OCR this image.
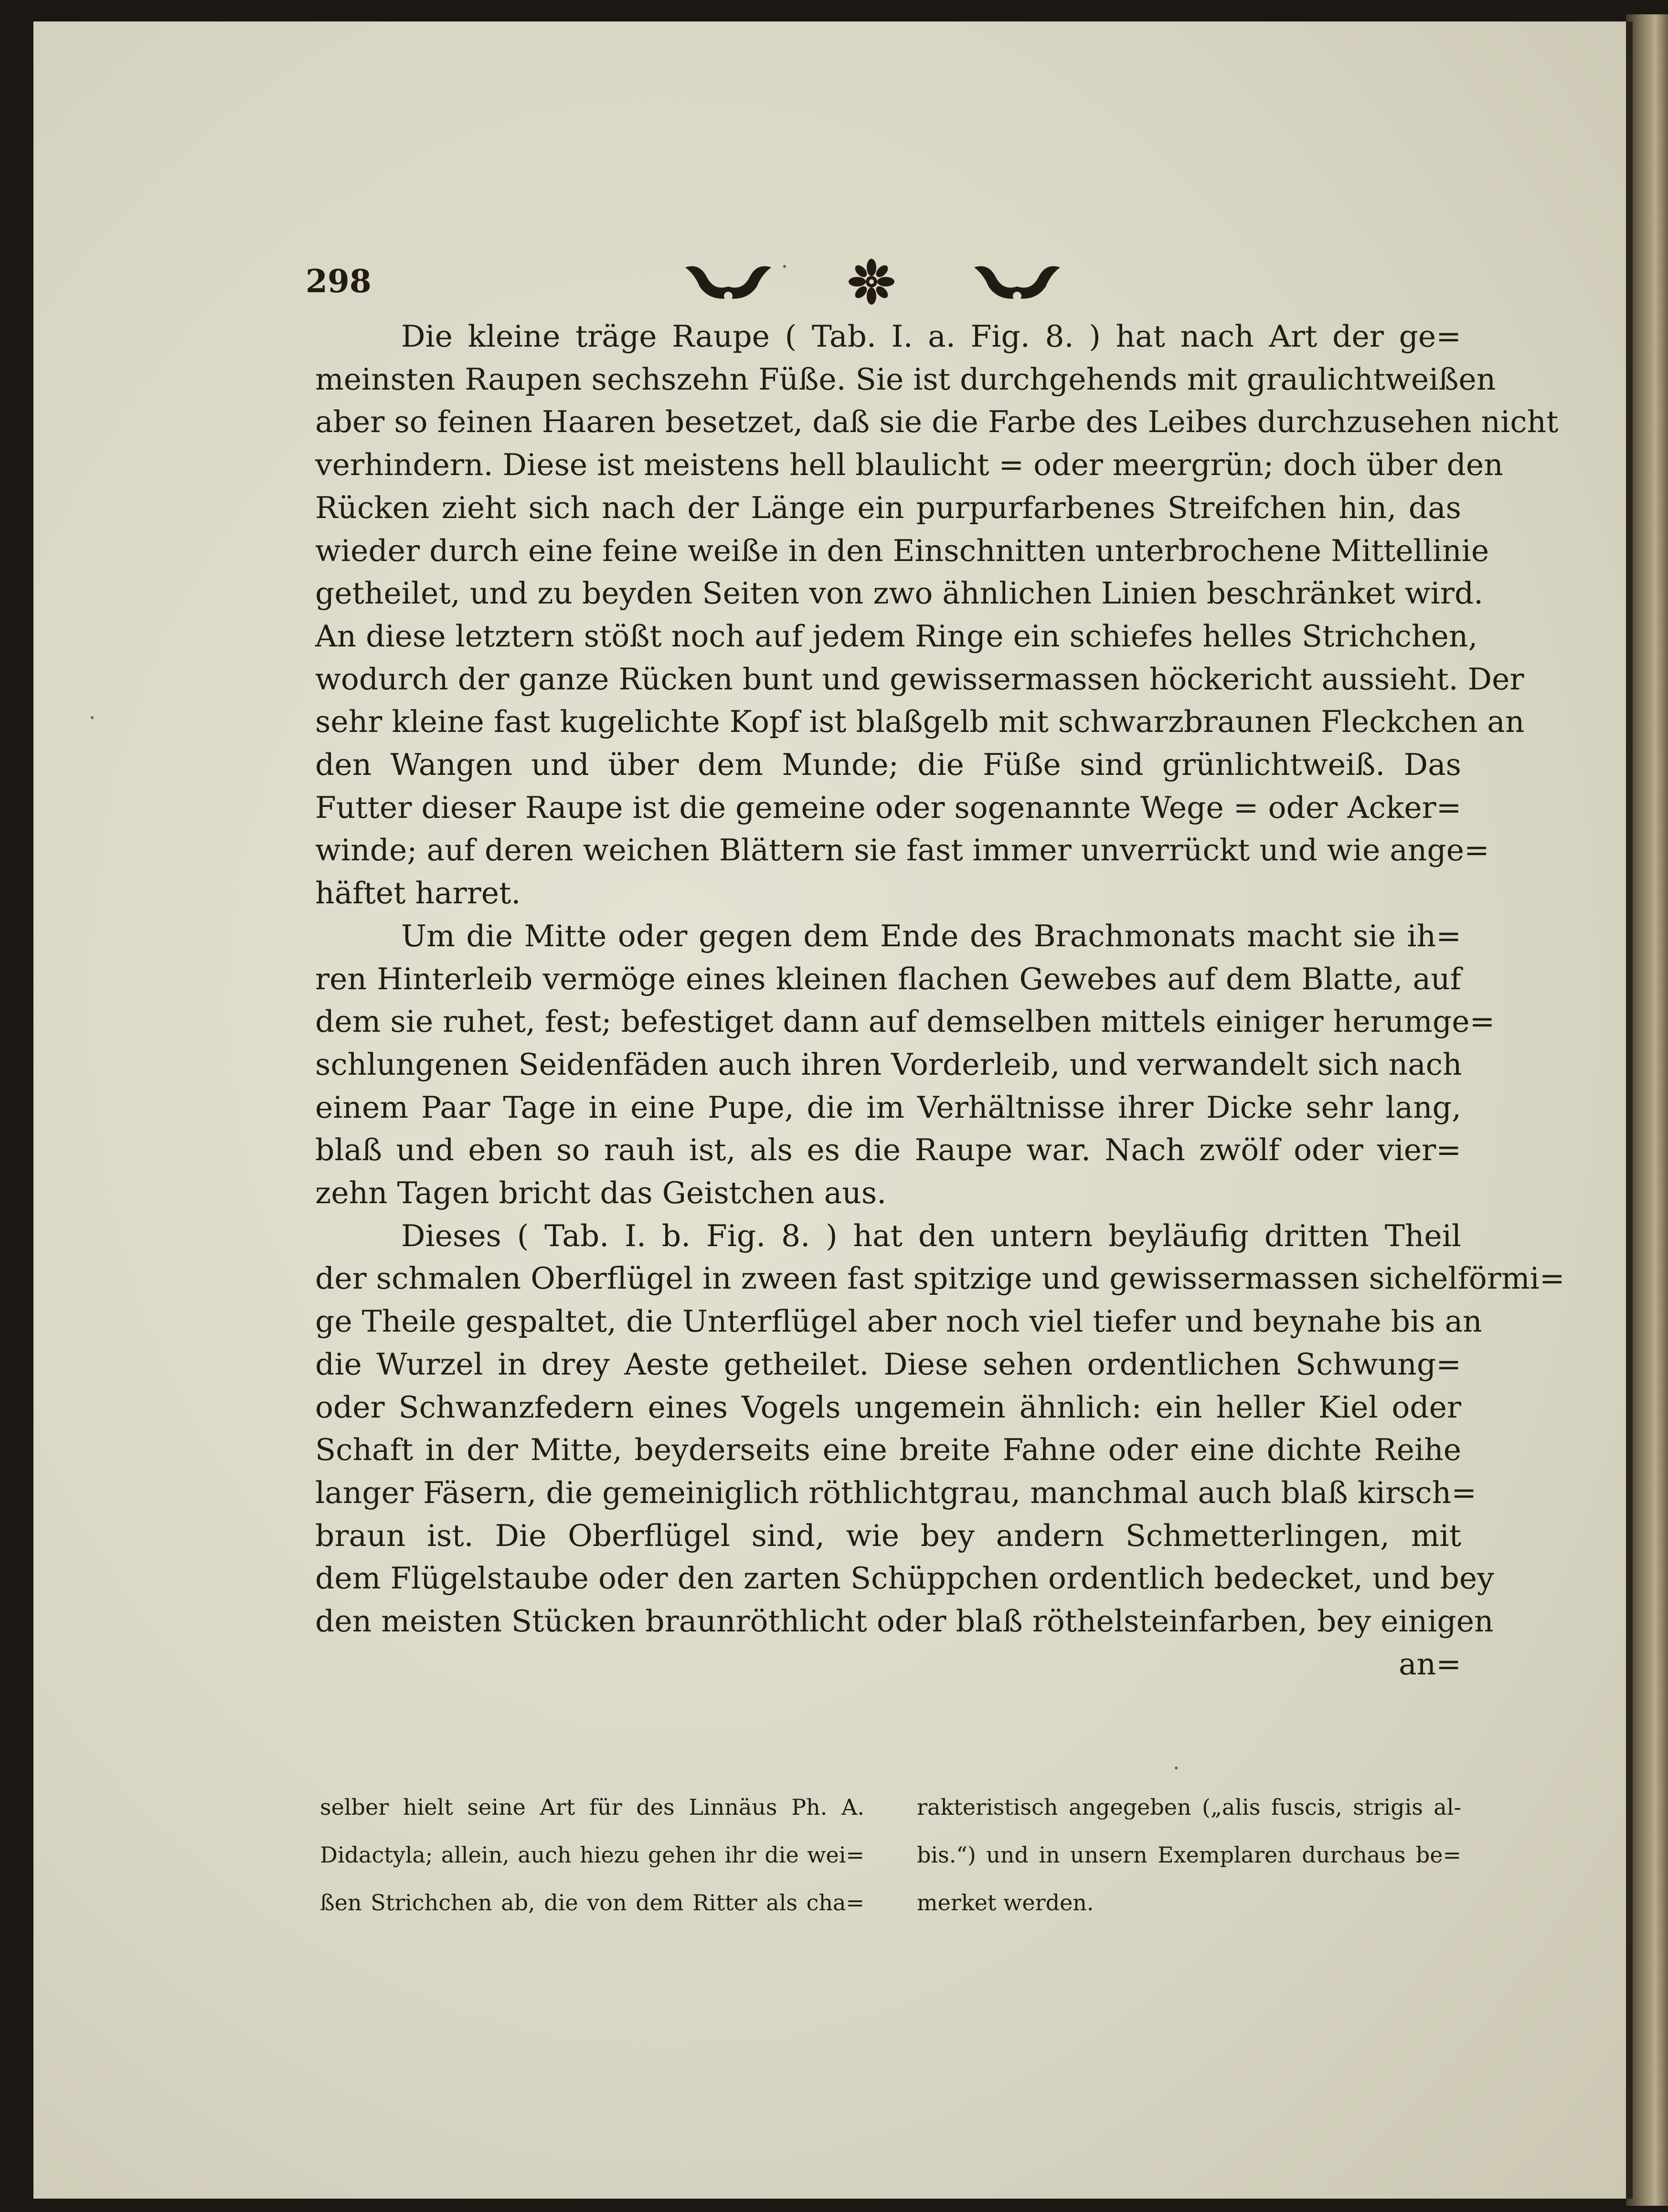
298
Die kleine träge Raupe ( Tab. I. a. Fig. 8. ) hat nach Art der ge=
meinsten Raupen sechszehn Füße. Sie ist durchgehends mit graulichtweißen
aber so feinen Haaren besetzet, daß sie die Farbe des Leibes durchzusehen nicht
verhindern. Diese ist meistens hell blaulicht = oder meergrün; doch über den
Rücken zieht sich nach der Länge ein purpurfarbenes Streifchen hin, das
wieder durch eine feine weiße in den Einschnitten unterbrochene Mittellinie
getheilet, und zu beyden Seiten von zwo ähnlichen Linien beschränket wird.
An diese letztern stößt noch auf jedem Ringe ein schiefes helles Strichchen,
wodurch der ganze Rücken bunt und gewissermassen höckericht aussieht. Der
sehr kleine fast kugelichte Kopf ist blaßgelb mit schwarzbraunen Fleckchen an
den Wangen und über dem Munde; die Füße sind grünlichtweiß. Das
Futter dieser Raupe ist die gemeine oder sogenannte Wege = oder Acker=
winde; auf deren weichen Blättern sie fast immer unverrückt und wie ange=
häftet harret.
Um die Mitte oder gegen dem Ende des Brachmonats macht sie ih=
ren Hinterleib vermöge eines kleinen flachen Gewebes auf dem Blatte, auf
dem sie ruhet, fest; befestiget dann auf demselben mittels einiger herumge=
schlungenen Seidenfäden auch ihren Vorderleib, und verwandelt sich nach
einem Paar Tage in eine Pupe, die im Verhältnisse ihrer Dicke sehr lang,
blaß und eben so rauh ist, als es die Raupe war. Nach zwölf oder vier=
zehn Tagen bricht das Geistchen aus.
Dieses ( Tab. I. b. Fig. 8. ) hat den untern beyläufig dritten Theil
der schmalen Oberflügel in zween fast spitzige und gewissermassen sichelförmi=
ge Theile gespaltet, die Unterflügel aber noch viel tiefer und beynahe bis an
die Wurzel in drey Aeste getheilet. Diese sehen ordentlichen Schwung=
oder Schwanzfedern eines Vogels ungemein ähnlich: ein heller Kiel oder
Schaft in der Mitte, beyderseits eine breite Fahne oder eine dichte Reihe
langer Fäsern, die gemeiniglich röthlichtgrau, manchmal auch blaß kirsch=
braun ist. Die Oberflügel sind, wie bey andern Schmetterlingen, mit
dem Flügelstaube oder den zarten Schüppchen ordentlich bedecket, und bey
den meisten Stücken braunröthlicht oder blaß röthelsteinfarben, bey einigen
an=
selber hielt seine Art für des Linnäus Ph. A.
Didactyla; allein, auch hiezu gehen ihr die wei=
ßen Strichchen ab, die von dem Ritter als cha=
rakteristisch angegeben („alis fuscis, strigis al-
bis.“) und in unsern Exemplaren durchaus be=
merket werden.
